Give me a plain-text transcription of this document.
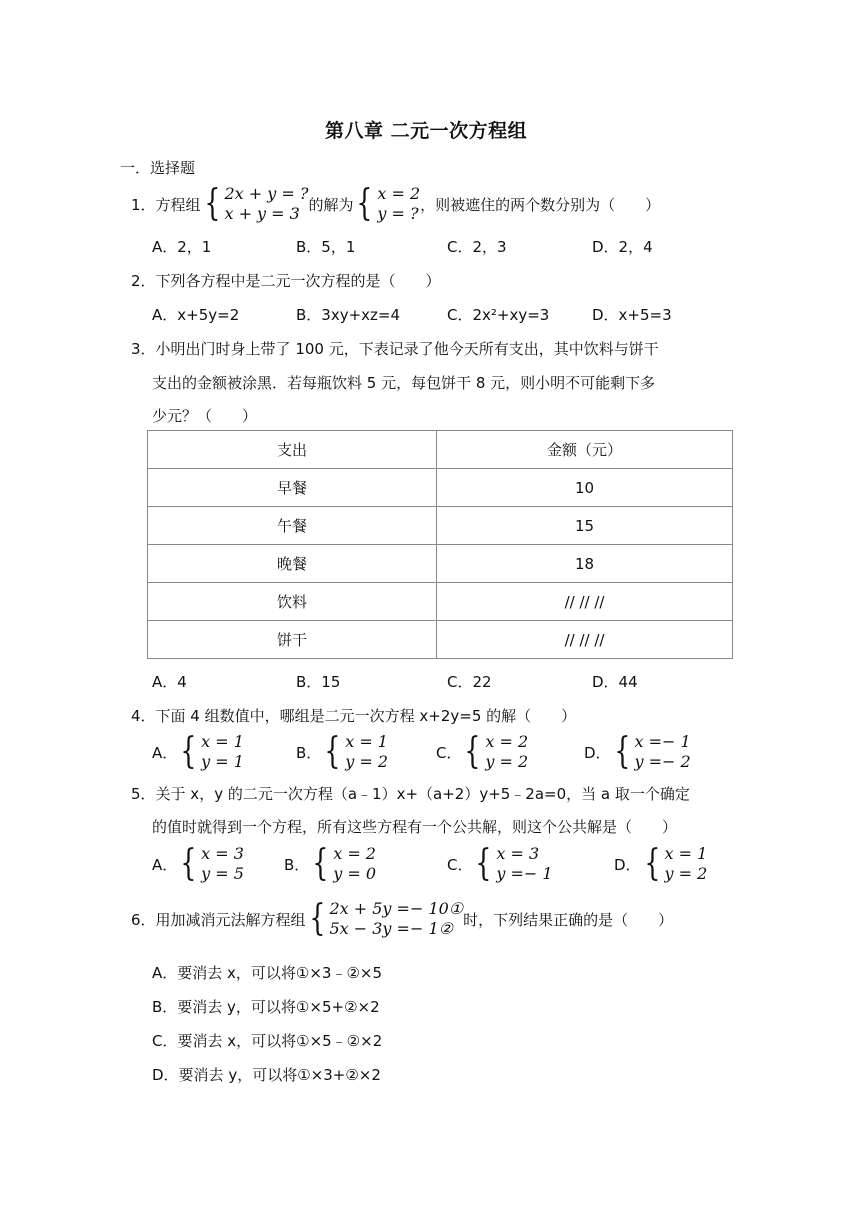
第八章 二元一次方程组
一．选择题
1．方程组 { 2x + y = ?
x + y = 3 的解为 { x = 2
y = ? ，则被遮住的两个数分别为（　　）
A．2，1	B．5，1	C．2，3	D．2，4
2．下列各方程中是二元一次方程的是（　　）
A．x+5y=2	B．3xy+xz=4	C．2x²+xy=3	D．x+5=3
3．小明出门时身上带了 100 元，下表记录了他今天所有支出，其中饮料与饼干
支出的金额被涂黑．若每瓶饮料 5 元，每包饼干 8 元，则小明不可能剩下多
少元？（　　）
支出	金额（元）
早餐	10
午餐	15
晚餐	18
饮料	// // //
饼干	// // //
A．4	B．15	C．22	D．44
4．下面 4 组数值中，哪组是二元一次方程 x+2y=5 的解（　　）
A． { x = 1
y = 1	B． { x = 1
y = 2	C． { x = 2
y = 2	D． { x =− 1
y =− 2
5．关于 x，y 的二元一次方程（a﹣1）x+（a+2）y+5﹣2a=0，当 a 取一个确定
的值时就得到一个方程，所有这些方程有一个公共解，则这个公共解是（　　）
A． { x = 3
y = 5	B． { x = 2
y = 0	C． { x = 3
y =− 1	D． { x = 1
y = 2
6．用加减消元法解方程组 { 2x + 5y =− 10①
5x − 3y =− 1② 时，下列结果正确的是（　　）
A．要消去 x，可以将①×3﹣②×5
B．要消去 y，可以将①×5+②×2
C．要消去 x，可以将①×5﹣②×2
D．要消去 y，可以将①×3+②×2
